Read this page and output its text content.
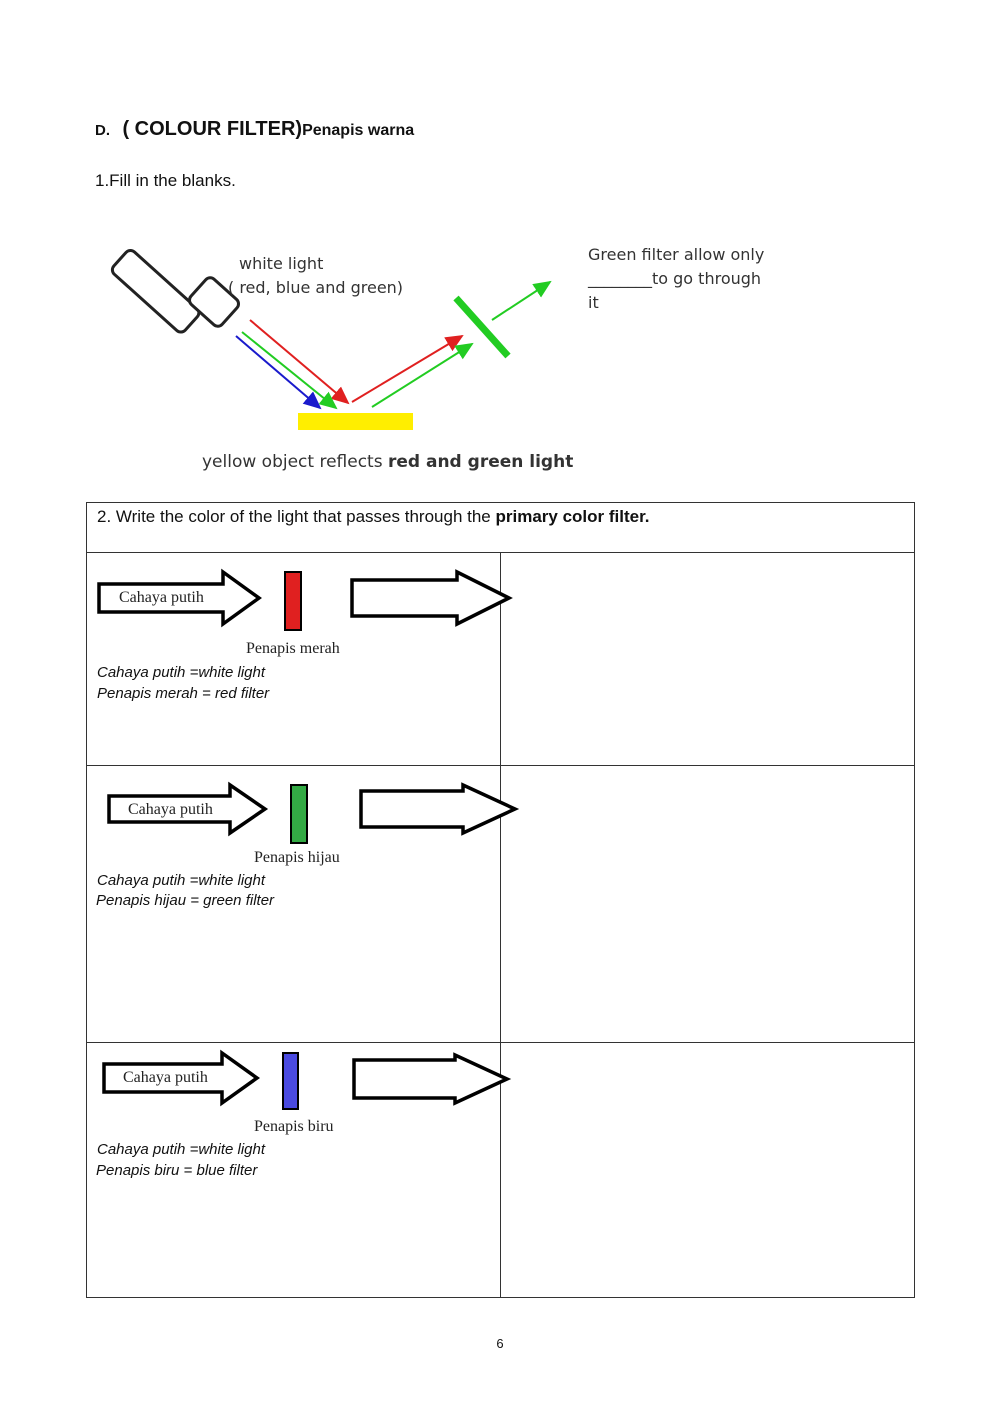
D. ( COLOUR FILTER)Penapis warna
1.Fill in the blanks.
white light
( red, blue and green)
Green filter allow only
________to go through
it
yellow object reflects red and green light
2. Write the color of the light that passes through the primary color filter.	

Cahaya putih
Penapis merah
Cahaya putih =white light
Penapis merah = red filter	

Cahaya putih
Penapis hijau
Cahaya putih =white light
Penapis hijau = green filter	

Cahaya putih
Penapis biru
Cahaya putih =white light
Penapis biru = blue filter	

6
